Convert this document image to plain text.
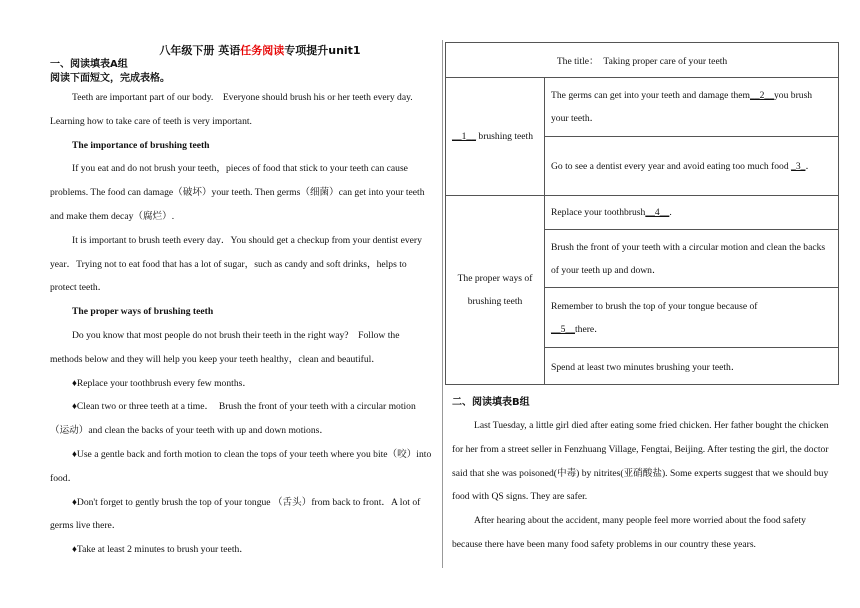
八年级下册 英语任务阅读专项提升unit1
一、阅读填表A组
阅读下面短文，完成表格。

Teeth are important part of our body.　Everyone should brush his or her teeth every day.　Learning how to take care of teeth is very important.

The importance of brushing teeth

If you eat and do not brush your teeth，pieces of food that stick to your teeth can cause problems. The food can damage（破坏）your teeth. Then germs（细菌）can get into your teeth and make them decay（腐烂）.

It is important to brush teeth every day．You should get a checkup from your dentist every year．Trying not to eat food that has a lot of sugar，such as candy and soft drinks，helps to protect teeth．

The proper ways of brushing teeth

Do you know that most people do not brush their teeth in the right way?　Follow the methods below and they will help you keep your teeth healthy，clean and beautiful．

♦Replace your toothbrush every few months．

♦Clean two or three teeth at a time．　Brush the front of your teeth with a circular motion（运动）and clean the backs of your teeth with up and down motions．

♦Use a gentle back and forth motion to clean the tops of your teeth where you bite（咬）into food．

♦Don't forget to gently brush the top of your tongue （舌头）from back to front．A lot of germs live there．

♦Take at least 2 minutes to brush your teeth．

The title：　Taking proper care of your teeth	
__1__ brushing teeth	The germs can get into your teeth and damage them__2__you brush your teeth．
	Go to see a dentist every year and avoid eating too much food _3_．
The proper ways of brushing teeth	Replace your toothbrush__4__.
	Brush the front of your teeth with a circular motion and clean the backs of your teeth up and down．
	Remember to brush the top of your tongue because of
__5__there．
	Spend at least two minutes brushing your teeth．
二、阅读填表B组

Last Tuesday, a little girl died after eating some fried chicken. Her father bought the chicken for her from a street seller in Fenzhuang Village, Fengtai, Beijing. After testing the girl, the doctor said that she was poisoned(中毒) by nitrites(亚硝酸盐). Some experts suggest that we should buy food with QS signs. They are safer.

After hearing about the accident, many people feel more worried about the food safety because there have been many food safety problems in our country these years.
